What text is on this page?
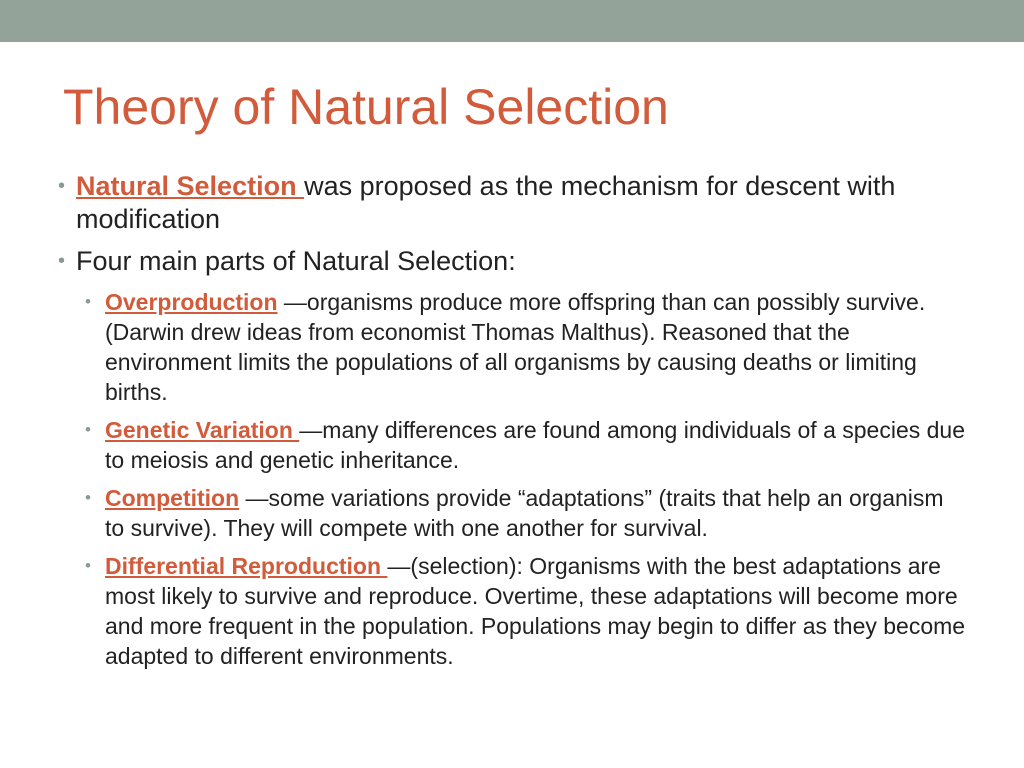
Theory of Natural Selection
• Natural Selection was proposed as the mechanism for descent with modification
• Four main parts of Natural Selection:
• Overproduction —organisms produce more offspring than can possibly survive. (Darwin drew ideas from economist Thomas Malthus). Reasoned that the environment limits the populations of all organisms by causing deaths or limiting births.
• Genetic Variation —many differences are found among individuals of a species due to meiosis and genetic inheritance.
• Competition —some variations provide “adaptations” (traits that help an organism to survive). They will compete with one another for survival.
• Differential Reproduction —(selection): Organisms with the best adaptations are most likely to survive and reproduce. Overtime, these adaptations will become more and more frequent in the population. Populations may begin to differ as they become adapted to different environments.
